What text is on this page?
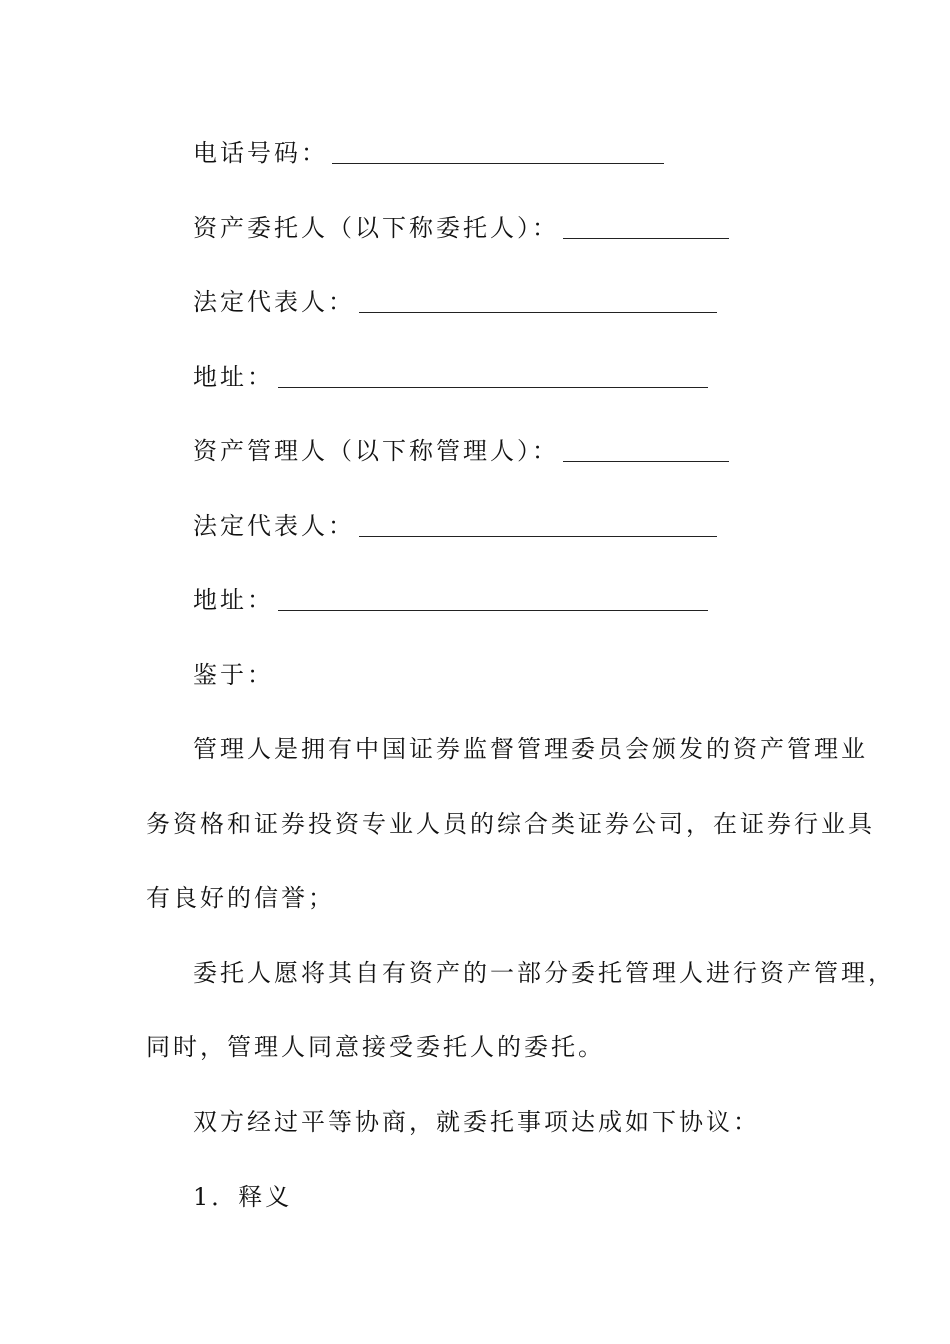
电话号码：
资产委托人（以下称委托人）：
法定代表人：
地址：
资产管理人（以下称管理人）：
法定代表人：
地址：
鉴于：
管理人是拥有中国证券监督管理委员会颁发的资产管理业
务资格和证券投资专业人员的综合类证券公司，在证券行业具
有良好的信誉；
委托人愿将其自有资产的一部分委托管理人进行资产管理，
同时，管理人同意接受委托人的委托。
双方经过平等协商，就委托事项达成如下协议：
1．释义
